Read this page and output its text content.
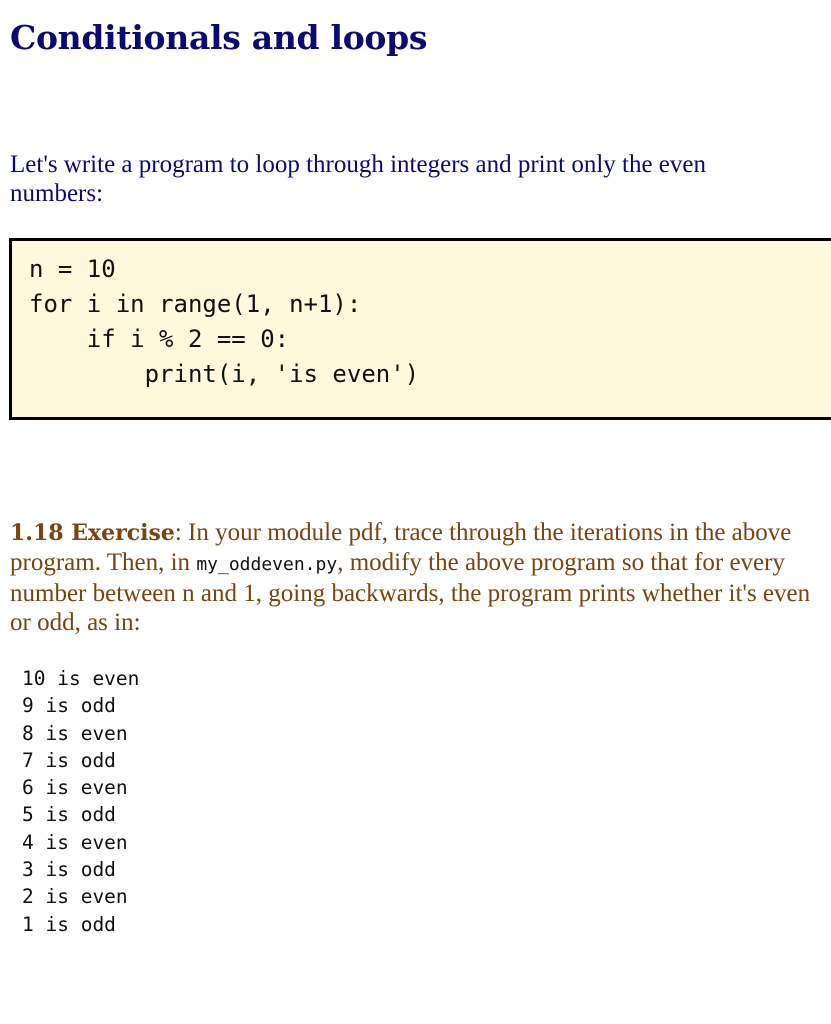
Conditionals and loops

Let's write a program to loop through integers and print only the even numbers:

n = 10
for i in range(1, n+1):
if i % 2 == 0:
print(i, 'is even')

1.18 Exercise: In your module pdf, trace through the iterations in the above program. Then, in my_oddeven.py, modify the above program so that for every number between n and 1, going backwards, the program prints whether it's even or odd, as in:

10 is even
9 is odd
8 is even
7 is odd
6 is even
5 is odd
4 is even
3 is odd
2 is even
1 is odd
